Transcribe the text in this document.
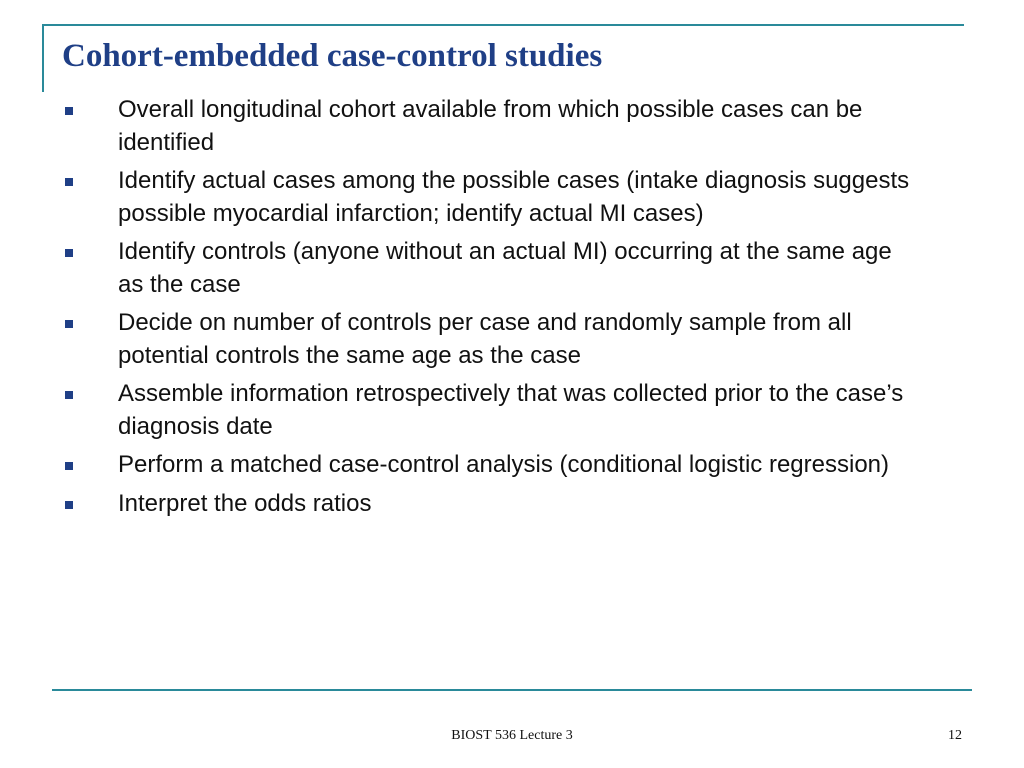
Cohort-embedded case-control studies
Overall longitudinal cohort available from which possible cases can be identified
Identify actual cases among the possible cases (intake diagnosis suggests possible myocardial infarction; identify actual MI cases)
Identify controls (anyone without an actual MI) occurring at the same age as the case
Decide on number of controls per case and randomly sample from all potential controls the same age as the case
Assemble information retrospectively that was collected prior to the case’s diagnosis date
Perform a matched case-control analysis (conditional logistic regression)
Interpret the odds ratios
BIOST 536 Lecture 3	12
